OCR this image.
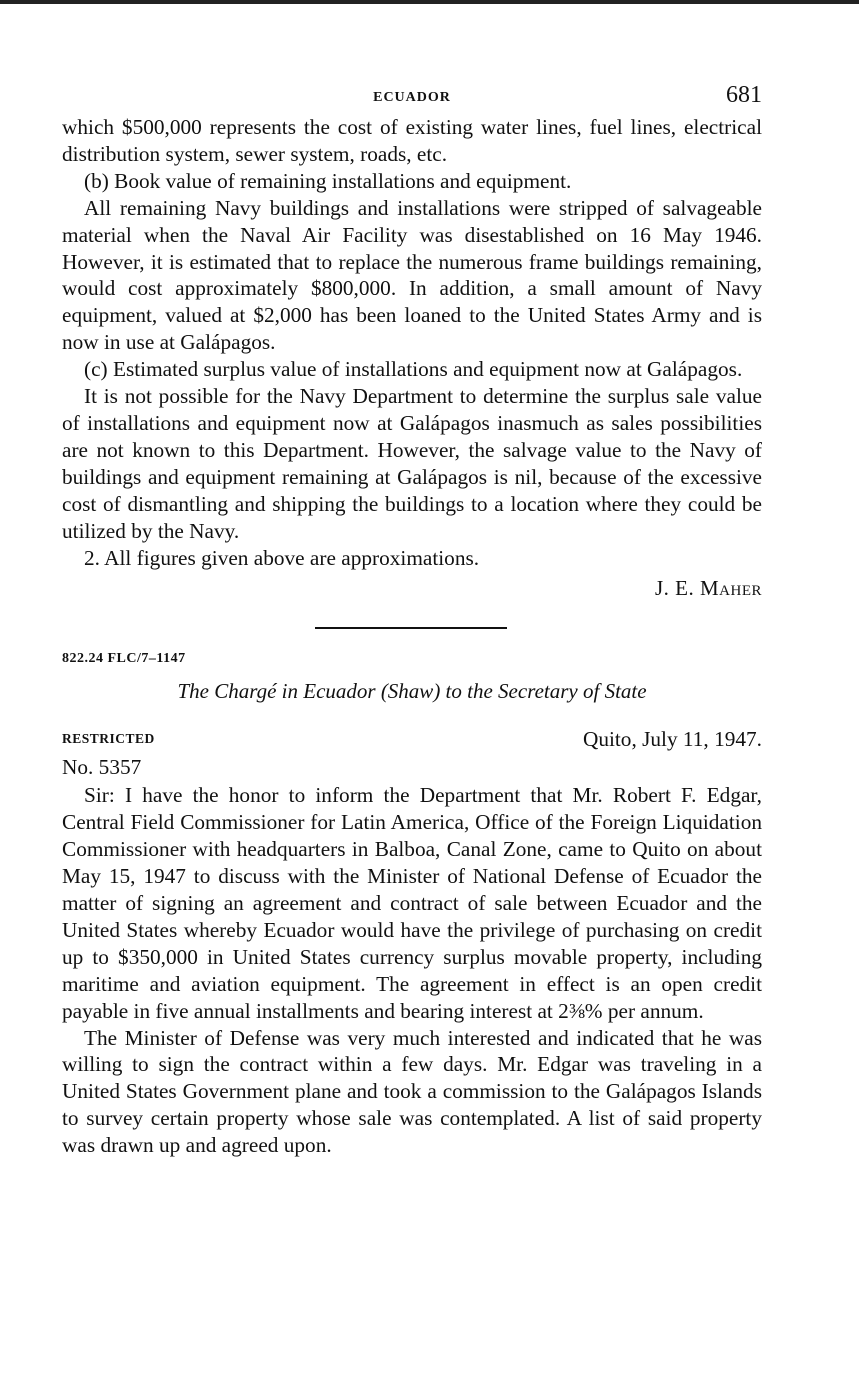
ECUADOR	681

which $500,000 represents the cost of existing water lines, fuel lines, electrical distribution system, sewer system, roads, etc.

(b) Book value of remaining installations and equipment.

All remaining Navy buildings and installations were stripped of salvageable material when the Naval Air Facility was disestablished on 16 May 1946. However, it is estimated that to replace the numerous frame buildings remaining, would cost approximately $800,000. In addition, a small amount of Navy equipment, valued at $2,000 has been loaned to the United States Army and is now in use at Galápagos.

(c) Estimated surplus value of installations and equipment now at Galápagos.

It is not possible for the Navy Department to determine the surplus sale value of installations and equipment now at Galápagos inasmuch as sales possibilities are not known to this Department. However, the salvage value to the Navy of buildings and equipment remaining at Galápagos is nil, because of the excessive cost of dismantling and shipping the buildings to a location where they could be utilized by the Navy.

2. All figures given above are approximations.

J. E. Maher
822.24 FLC/7–1147
The Chargé in Ecuador (Shaw) to the Secretary of State
RESTRICTED	Quito, July 11, 1947.
No. 5357

Sir: I have the honor to inform the Department that Mr. Robert F. Edgar, Central Field Commissioner for Latin America, Office of the Foreign Liquidation Commissioner with headquarters in Balboa, Canal Zone, came to Quito on about May 15, 1947 to discuss with the Minister of National Defense of Ecuador the matter of signing an agreement and contract of sale between Ecuador and the United States whereby Ecuador would have the privilege of purchasing on credit up to $350,000 in United States currency surplus movable property, including maritime and aviation equipment. The agreement in effect is an open credit payable in five annual installments and bearing interest at 2⅜% per annum.

The Minister of Defense was very much interested and indicated that he was willing to sign the contract within a few days. Mr. Edgar was traveling in a United States Government plane and took a commission to the Galápagos Islands to survey certain property whose sale was contemplated. A list of said property was drawn up and agreed upon.
